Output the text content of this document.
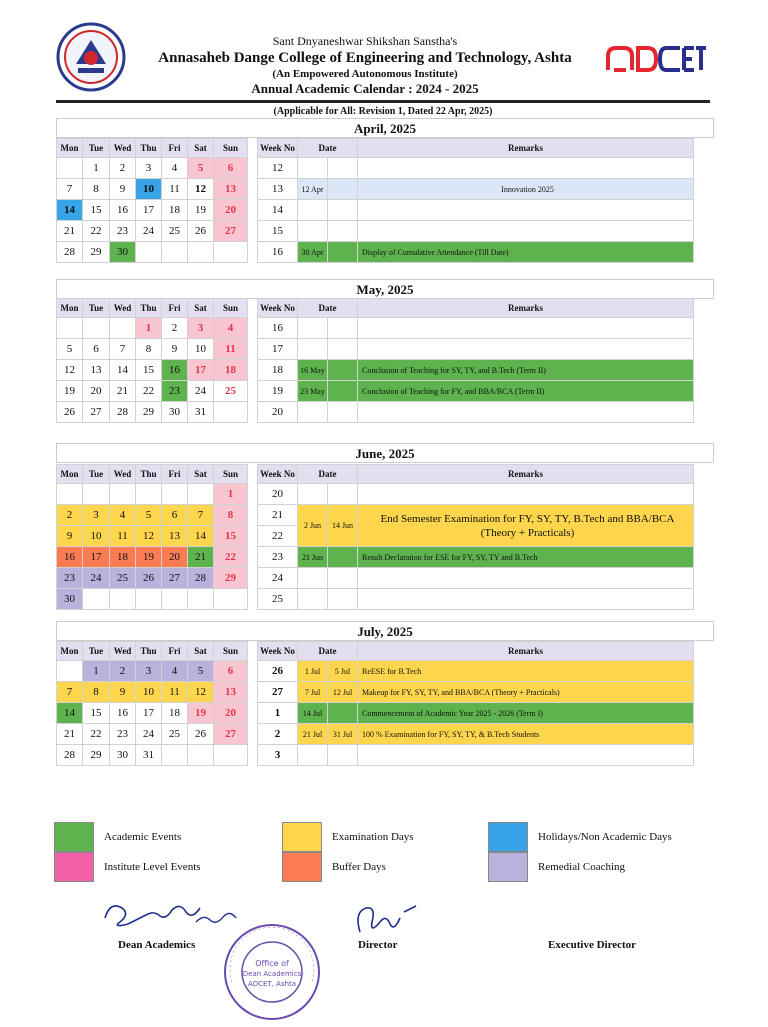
Sant Dnyaneshwar Shikshan Sanstha's
Annasaheb Dange College of Engineering and Technology, Ashta
(An Empowered Autonomous Institute)
Annual Academic Calendar : 2024 - 2025
(Applicable for All: Revision 1, Dated 22 Apr, 2025)
April, 2025
Mon	Tue	Wed	Thu	Fri	Sat	Sun		Week No	Date		Remarks
	1	2	3	4	5	6		12			
7	8	9	10	11	12	13		13	12 Apr		Innovation 2025
14	15	16	17	18	19	20		14			
21	22	23	24	25	26	27		15			
28	29	30						16	30 Apr		Display of Cumulative Attendance (Till Date)
May, 2025
Mon	Tue	Wed	Thu	Fri	Sat	Sun		Week No	Date		Remarks
			1	2	3	4		16			
5	6	7	8	9	10	11		17			
12	13	14	15	16	17	18		18	16 May		Conclusion of Teaching for SY, TY, and B.Tech (Term II)
19	20	21	22	23	24	25		19	23 May		Conclusion of Teaching for FY, and BBA/BCA (Term II)
26	27	28	29	30	31			20			
June, 2025
Mon	Tue	Wed	Thu	Fri	Sat	Sun		Week No	Date		Remarks
						1		20			
2	3	4	5	6	7	8		21	2 Jun	14 Jun	End Semester Examination for FY, SY, TY, B.Tech and BBA/BCA (Theory + Practicals)
9	10	11	12	13	14	15		22			
16	17	18	19	20	21	22		23	21 Jun		Result Declaration for ESE for FY, SY, TY and B.Tech
23	24	25	26	27	28	29		24			
30								25			
July, 2025
Mon	Tue	Wed	Thu	Fri	Sat	Sun		Week No	Date		Remarks
	1	2	3	4	5	6		26	1 Jul	5 Jul	ReESE for B.Tech
7	8	9	10	11	12	13		27	7 Jul	12 Jul	Makeup for FY, SY, TY, and BBA/BCA (Theory + Practicals)
14	15	16	17	18	19	20		1	14 Jul		Commencement of Academic Year 2025 - 2026 (Term I)
21	22	23	24	25	26	27		2	21 Jul	31 Jul	100 % Examination for FY, SY, TY, & B.Tech Students
28	29	30	31					3			
Academic Events
Institute Level Events
Examination Days
Buffer Days
Holidays/Non Academic Days
Remedial Coaching
Dean Academics
Office of
Dean Academics
ADCET, Ashta
Director	Executive Director
